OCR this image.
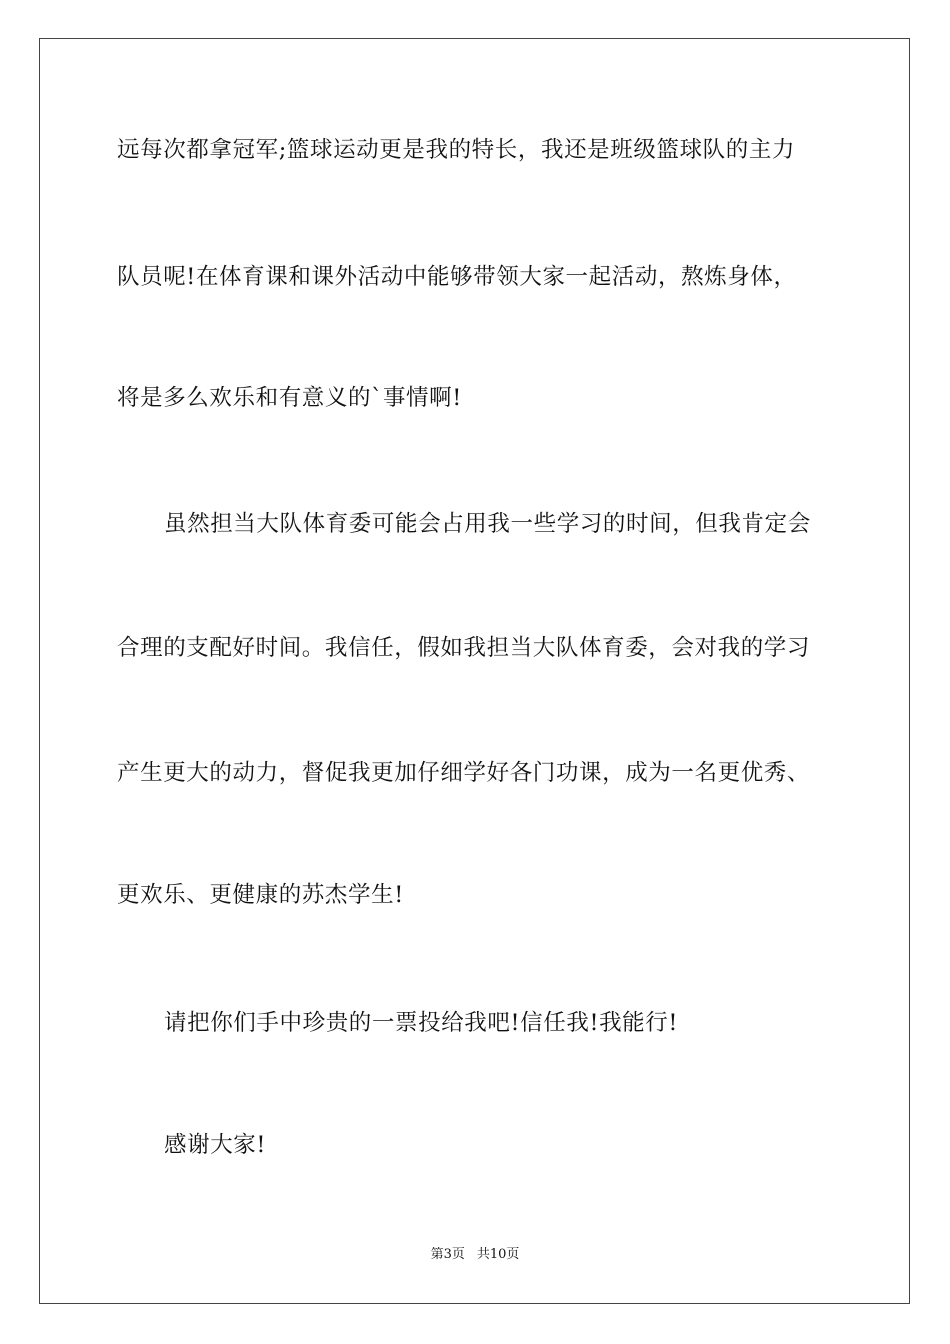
远每次都拿冠军;篮球运动更是我的特长，我还是班级篮球队的主力
队员呢!在体育课和课外活动中能够带领大家一起活动，熬炼身体，
将是多么欢乐和有意义的`事情啊!
虽然担当大队体育委可能会占用我一些学习的时间，但我肯定会
合理的支配好时间。我信任，假如我担当大队体育委，会对我的学习
产生更大的动力，督促我更加仔细学好各门功课，成为一名更优秀、
更欢乐、更健康的苏杰学生!
请把你们手中珍贵的一票投给我吧!信任我!我能行!
感谢大家!
第3页 共10页
